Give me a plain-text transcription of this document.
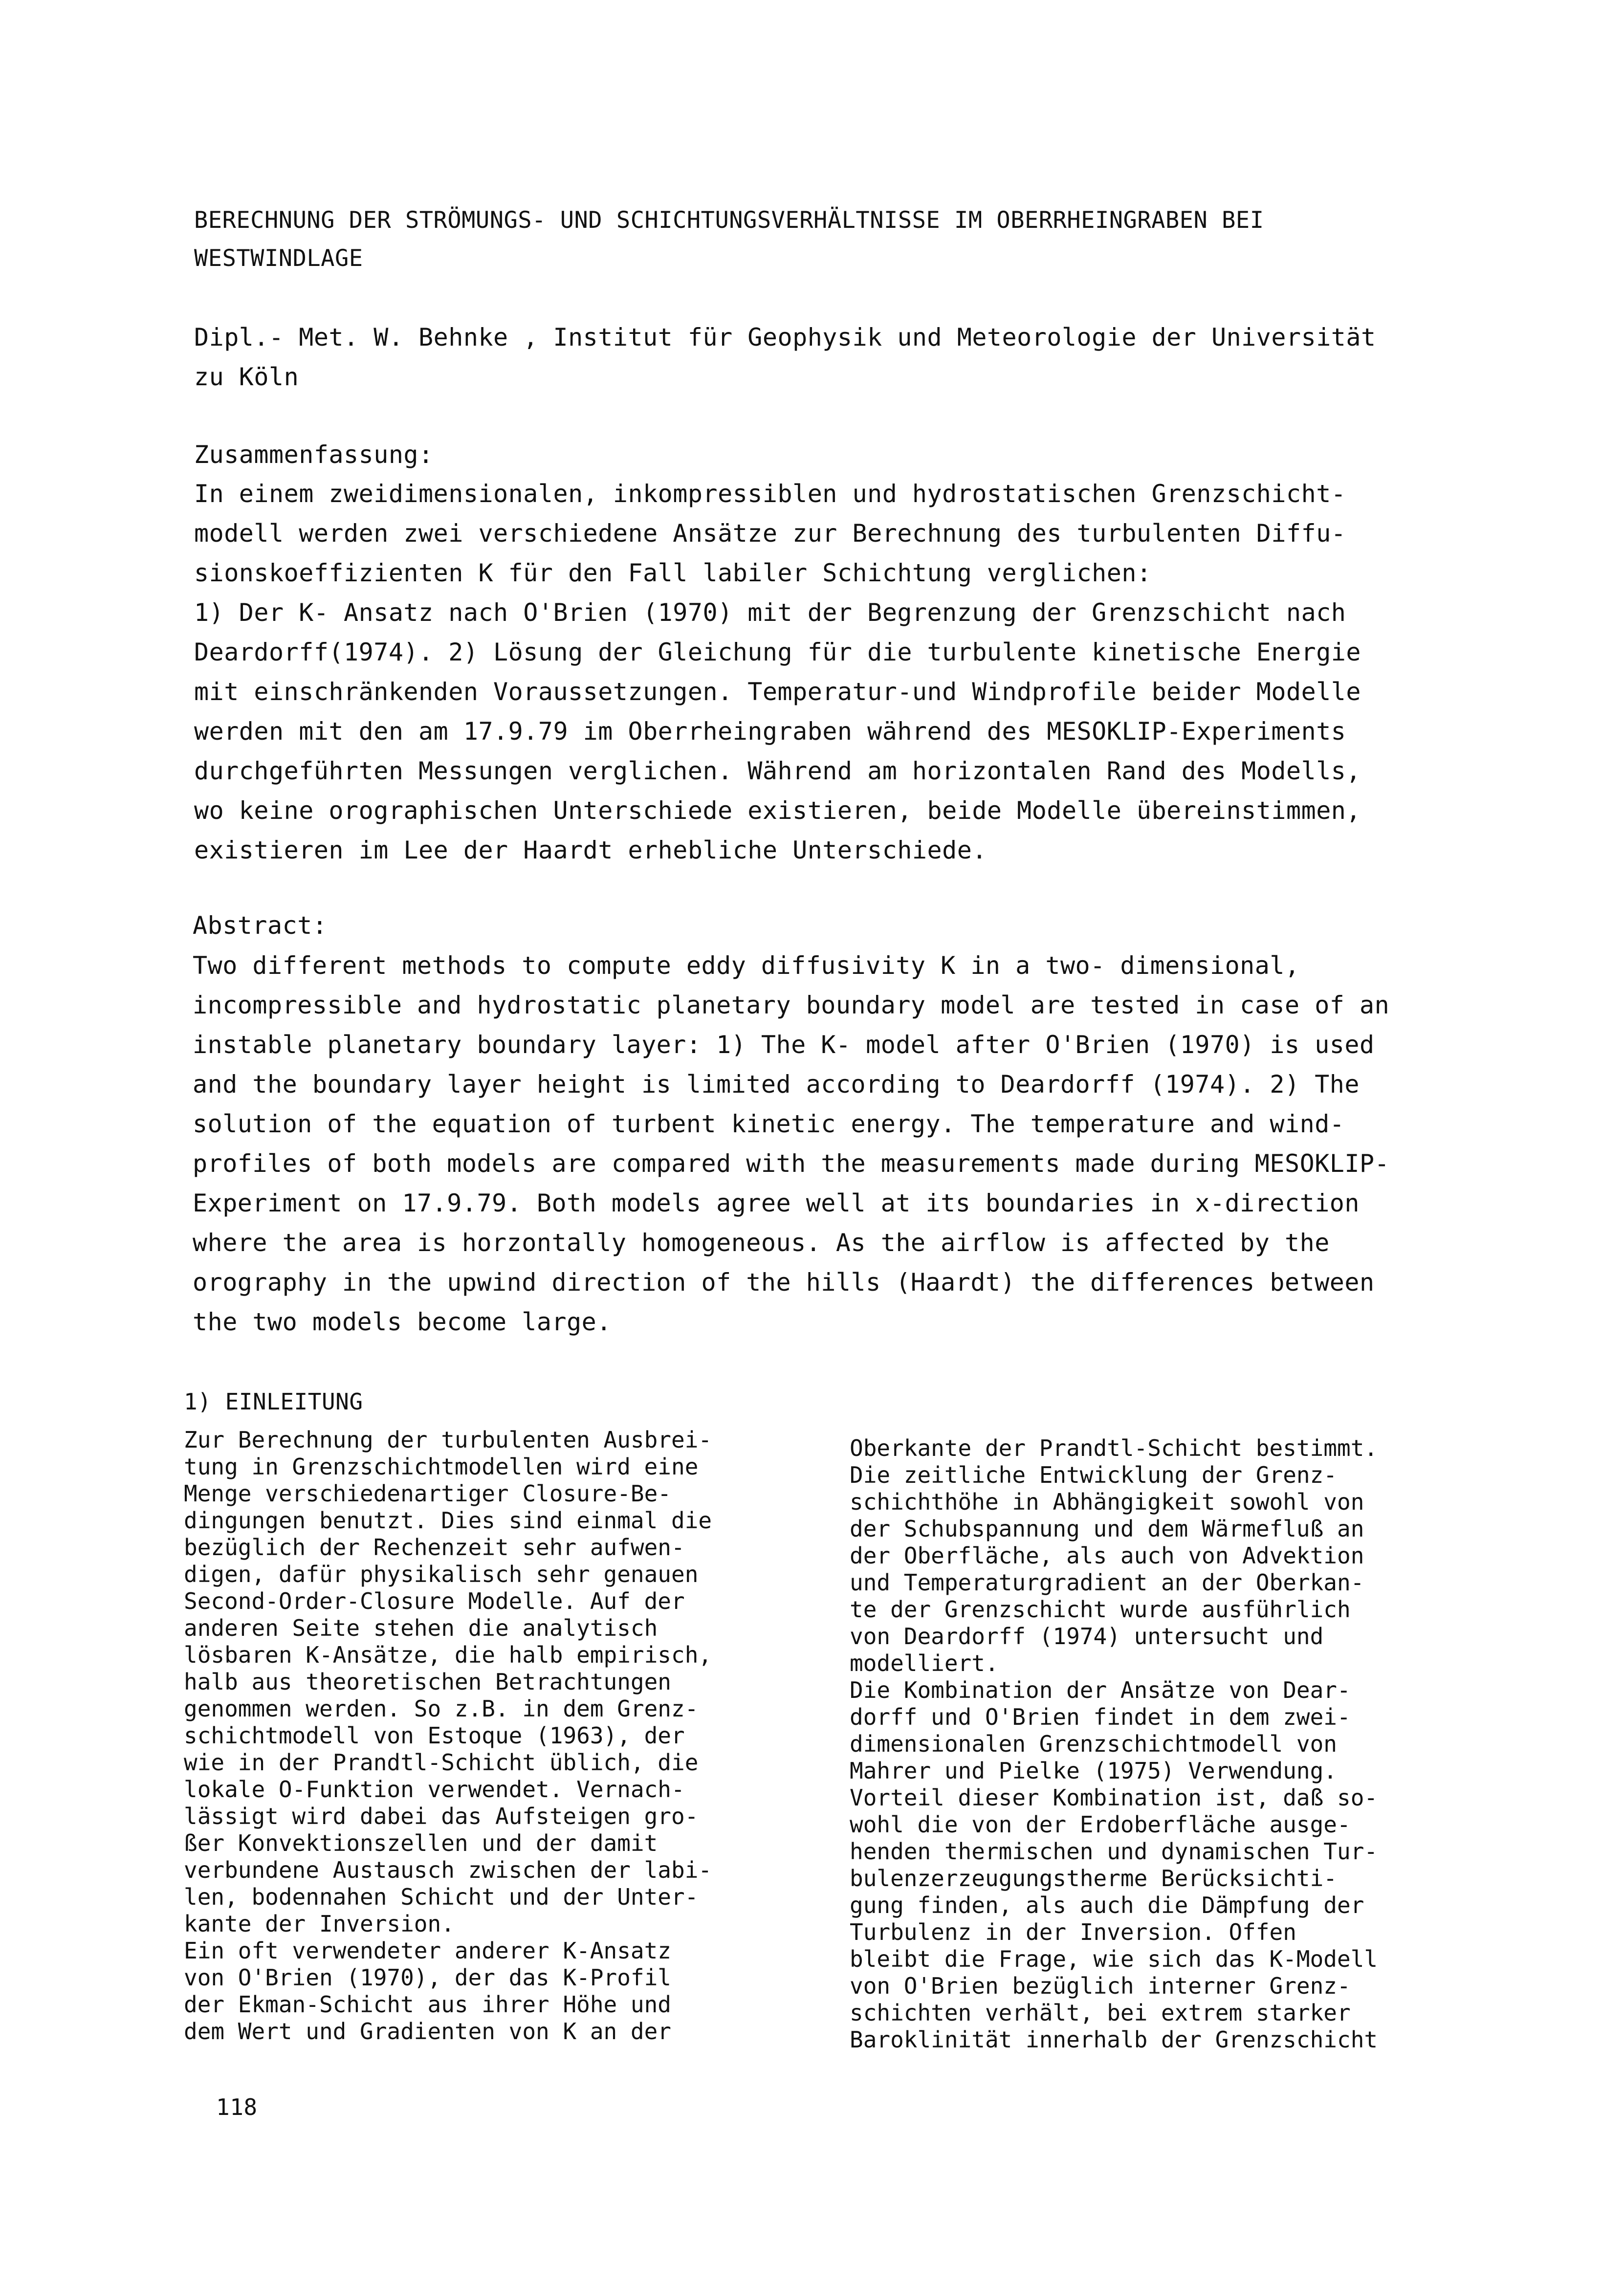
BERECHNUNG DER STRÖMUNGS- UND SCHICHTUNGSVERHÄLTNISSE IM OBERRHEINGRABEN BEI
WESTWINDLAGE
Dipl.- Met. W. Behnke , Institut für Geophysik und Meteorologie der Universität
zu Köln
Zusammenfassung:
In einem zweidimensionalen, inkompressiblen und hydrostatischen Grenzschicht-
modell werden zwei verschiedene Ansätze zur Berechnung des turbulenten Diffu-
sionskoeffizienten K für den Fall labiler Schichtung verglichen:
1) Der K- Ansatz nach O'Brien (1970) mit der Begrenzung der Grenzschicht nach
Deardorff(1974). 2) Lösung der Gleichung für die turbulente kinetische Energie
mit einschränkenden Voraussetzungen. Temperatur-und Windprofile beider Modelle
werden mit den am 17.9.79 im Oberrheingraben während des MESOKLIP-Experiments
durchgeführten Messungen verglichen. Während am horizontalen Rand des Modells,
wo keine orographischen Unterschiede existieren, beide Modelle übereinstimmen,
existieren im Lee der Haardt erhebliche Unterschiede.
Abstract:
Two different methods to compute eddy diffusivity K in a two- dimensional,
incompressible and hydrostatic planetary boundary model are tested in case of an
instable planetary boundary layer: 1) The K- model after O'Brien (1970) is used
and the boundary layer height is limited according to Deardorff (1974). 2) The
solution of the equation of turbent kinetic energy. The temperature and wind-
profiles of both models are compared with the measurements made during MESOKLIP-
Experiment on 17.9.79. Both models agree well at its boundaries in x-direction
where the area is horzontally homogeneous. As the airflow is affected by the
orography in the upwind direction of the hills (Haardt) the differences between
the two models become large.
1) EINLEITUNG
Zur Berechnung der turbulenten Ausbrei-
tung in Grenzschichtmodellen wird eine
Menge verschiedenartiger Closure-Be-
dingungen benutzt. Dies sind einmal die
bezüglich der Rechenzeit sehr aufwen-
digen, dafür physikalisch sehr genauen
Second-Order-Closure Modelle. Auf der
anderen Seite stehen die analytisch
lösbaren K-Ansätze, die halb empirisch,
halb aus theoretischen Betrachtungen
genommen werden. So z.B. in dem Grenz-
schichtmodell von Estoque (1963), der
wie in der Prandtl-Schicht üblich, die
lokale O-Funktion verwendet. Vernach-
lässigt wird dabei das Aufsteigen gro-
ßer Konvektionszellen und der damit
verbundene Austausch zwischen der labi-
len, bodennahen Schicht und der Unter-
kante der Inversion.
Ein oft verwendeter anderer K-Ansatz
von O'Brien (1970), der das K-Profil
der Ekman-Schicht aus ihrer Höhe und
dem Wert und Gradienten von K an der
Oberkante der Prandtl-Schicht bestimmt.
Die zeitliche Entwicklung der Grenz-
schichthöhe in Abhängigkeit sowohl von
der Schubspannung und dem Wärmefluß an
der Oberfläche, als auch von Advektion
und Temperaturgradient an der Oberkan-
te der Grenzschicht wurde ausführlich
von Deardorff (1974) untersucht und
modelliert.
Die Kombination der Ansätze von Dear-
dorff und O'Brien findet in dem zwei-
dimensionalen Grenzschichtmodell von
Mahrer und Pielke (1975) Verwendung.
Vorteil dieser Kombination ist, daß so-
wohl die von der Erdoberfläche ausge-
henden thermischen und dynamischen Tur-
bulenzerzeugungstherme Berücksichti-
gung finden, als auch die Dämpfung der
Turbulenz in der Inversion. Offen
bleibt die Frage, wie sich das K-Modell
von O'Brien bezüglich interner Grenz-
schichten verhält, bei extrem starker
Baroklinität innerhalb der Grenzschicht
118
